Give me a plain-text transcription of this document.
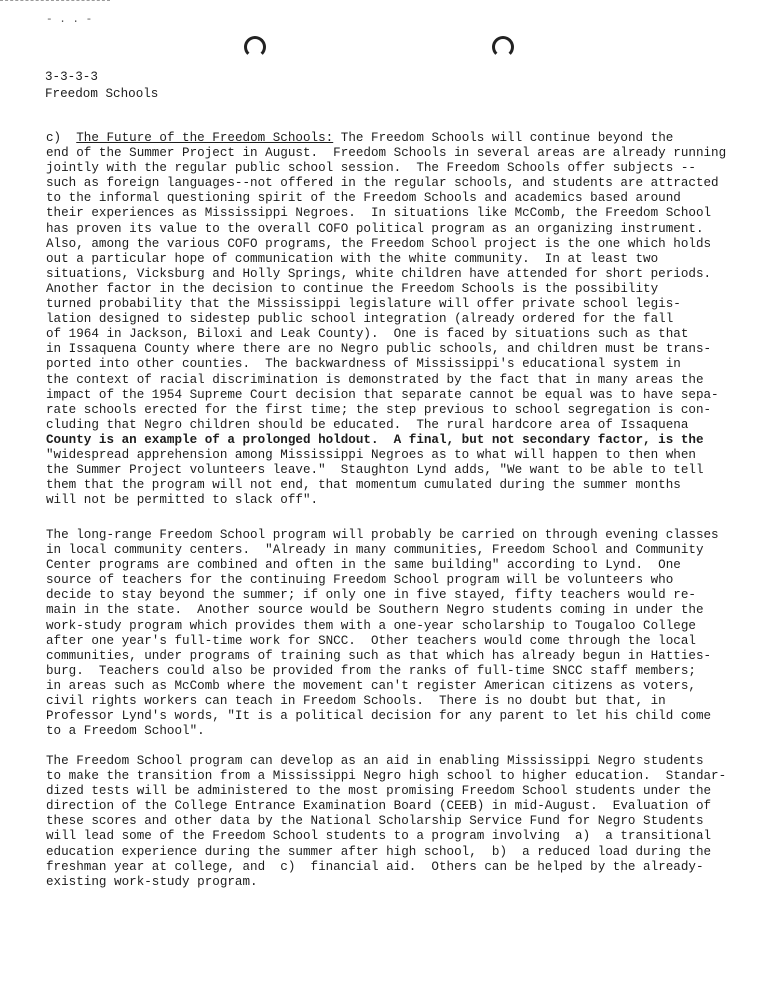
- . . -
3-3-3-3
Freedom Schools
c) The Future of the Freedom Schools: The Freedom Schools will continue beyond the
end of the Summer Project in August.  Freedom Schools in several areas are already running
jointly with the regular public school session.  The Freedom Schools offer subjects --
such as foreign languages--not offered in the regular schools, and students are attracted
to the informal questioning spirit of the Freedom Schools and academics based around
their experiences as Mississippi Negroes.  In situations like McComb, the Freedom School
has proven its value to the overall COFO political program as an organizing instrument.
Also, among the various COFO programs, the Freedom School project is the one which holds
out a particular hope of communication with the white community.  In at least two
situations, Vicksburg and Holly Springs, white children have attended for short periods.
Another factor in the decision to continue the Freedom Schools is the possibility
turned probability that the Mississippi legislature will offer private school legis-
lation designed to sidestep public school integration (already ordered for the fall
of 1964 in Jackson, Biloxi and Leak County).  One is faced by situations such as that
in Issaquena County where there are no Negro public schools, and children must be trans-
ported into other counties.  The backwardness of Mississippi's educational system in
the context of racial discrimination is demonstrated by the fact that in many areas the
impact of the 1954 Supreme Court decision that separate cannot be equal was to have sepa-
rate schools erected for the first time; the step previous to school segregation is con-
cluding that Negro children should be educated.  The rural hardcore area of Issaquena
County is an example of a prolonged holdout.  A final, but not secondary factor, is the
"widespread apprehension among Mississippi Negroes as to what will happen to then when
the Summer Project volunteers leave."  Staughton Lynd adds, "We want to be able to tell
them that the program will not end, that momentum cumulated during the summer months
will not be permitted to slack off".
The long-range Freedom School program will probably be carried on through evening classes
in local community centers.  "Already in many communities, Freedom School and Community
Center programs are combined and often in the same building" according to Lynd.  One
source of teachers for the continuing Freedom School program will be volunteers who
decide to stay beyond the summer; if only one in five stayed, fifty teachers would re-
main in the state.  Another source would be Southern Negro students coming in under the
work-study program which provides them with a one-year scholarship to Tougaloo College
after one year's full-time work for SNCC.  Other teachers would come through the local
communities, under programs of training such as that which has already begun in Hatties-
burg.  Teachers could also be provided from the ranks of full-time SNCC staff members;
in areas such as McComb where the movement can't register American citizens as voters,
civil rights workers can teach in Freedom Schools.  There is no doubt but that, in
Professor Lynd's words, "It is a political decision for any parent to let his child come
to a Freedom School".
The Freedom School program can develop as an aid in enabling Mississippi Negro students
to make the transition from a Mississippi Negro high school to higher education.  Standar-
dized tests will be administered to the most promising Freedom School students under the
direction of the College Entrance Examination Board (CEEB) in mid-August.  Evaluation of
these scores and other data by the National Scholarship Service Fund for Negro Students
will lead some of the Freedom School students to a program involving  a)  a transitional
education experience during the summer after high school,  b)  a reduced load during the
freshman year at college, and  c)  financial aid.  Others can be helped by the already-
existing work-study program.
